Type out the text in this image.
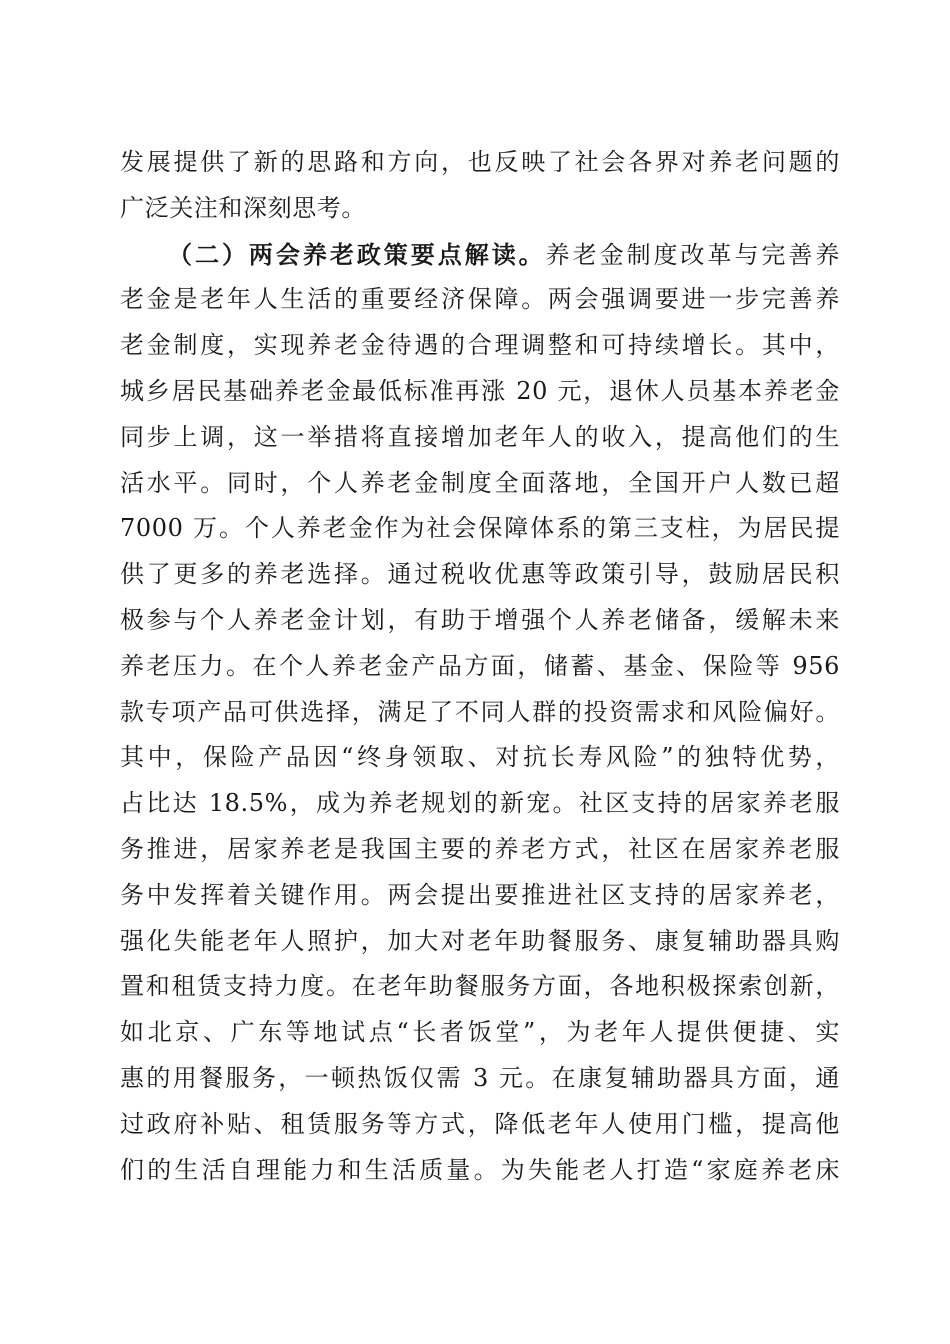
发展提供了新的思路和方向，也反映了社会各界对养老问题的
广泛关注和深刻思考。
（二）两会养老政策要点解读。养老金制度改革与完善养
老金是老年人生活的重要经济保障。两会强调要进一步完善养
老金制度，实现养老金待遇的合理调整和可持续增长。其中，
城乡居民基础养老金最低标准再涨 20 元，退休人员基本养老金
同步上调，这一举措将直接增加老年人的收入，提高他们的生
活水平。同时，个人养老金制度全面落地，全国开户人数已超
7000 万。个人养老金作为社会保障体系的第三支柱，为居民提
供了更多的养老选择。通过税收优惠等政策引导，鼓励居民积
极参与个人养老金计划，有助于增强个人养老储备，缓解未来
养老压力。在个人养老金产品方面，储蓄、基金、保险等 956
款专项产品可供选择，满足了不同人群的投资需求和风险偏好。
其中，保险产品因“终身领取、对抗长寿风险”的独特优势，
占比达 18.5%，成为养老规划的新宠。社区支持的居家养老服
务推进，居家养老是我国主要的养老方式，社区在居家养老服
务中发挥着关键作用。两会提出要推进社区支持的居家养老，
强化失能老年人照护，加大对老年助餐服务、康复辅助器具购
置和租赁支持力度。在老年助餐服务方面，各地积极探索创新，
如北京、广东等地试点“长者饭堂”，为老年人提供便捷、实
惠的用餐服务，一顿热饭仅需 3 元。在康复辅助器具方面，通
过政府补贴、租赁服务等方式，降低老年人使用门槛，提高他
们的生活自理能力和生活质量。为失能老人打造“家庭养老床
